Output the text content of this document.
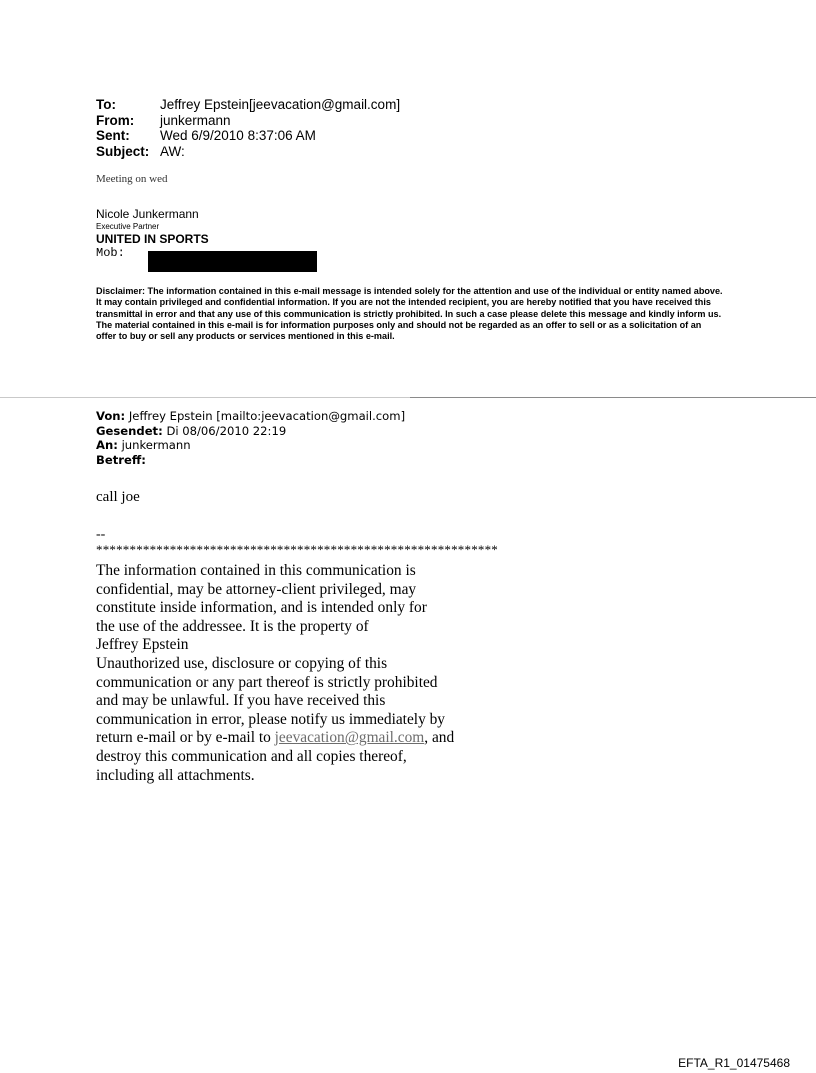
To:	Jeffrey Epstein[jeevacation@gmail.com]
From:	junkermann
Sent:	Wed 6/9/2010 8:37:06 AM
Subject: AW:
Meeting on wed
Nicole Junkermann
Executive Partner
UNITED IN SPORTS
Mob:
Disclaimer: The information contained in this e-mail message is intended solely for the attention and use of the individual or entity named above. It may contain privileged and confidential information. If you are not the intended recipient, you are hereby notified that you have received this transmittal in error and that any use of this communication is strictly prohibited. In such a case please delete this message and kindly inform us. The material contained in this e-mail is for information purposes only and should not be regarded as an offer to sell or as a solicitation of an offer to buy or sell any products or services mentioned in this e-mail.
Von: Jeffrey Epstein [mailto:jeevacation@gmail.com]
Gesendet: Di 08/06/2010 22:19
An: junkermann
Betreff:
call joe
--
************************************************************
The information contained in this communication is
confidential, may be attorney-client privileged, may
constitute inside information, and is intended only for
the use of the addressee. It is the property of
Jeffrey Epstein
Unauthorized use, disclosure or copying of this
communication or any part thereof is strictly prohibited
and may be unlawful. If you have received this
communication in error, please notify us immediately by
return e-mail or by e-mail to jeevacation@gmail.com, and
destroy this communication and all copies thereof,
including all attachments.
EFTA_R1_01475468
